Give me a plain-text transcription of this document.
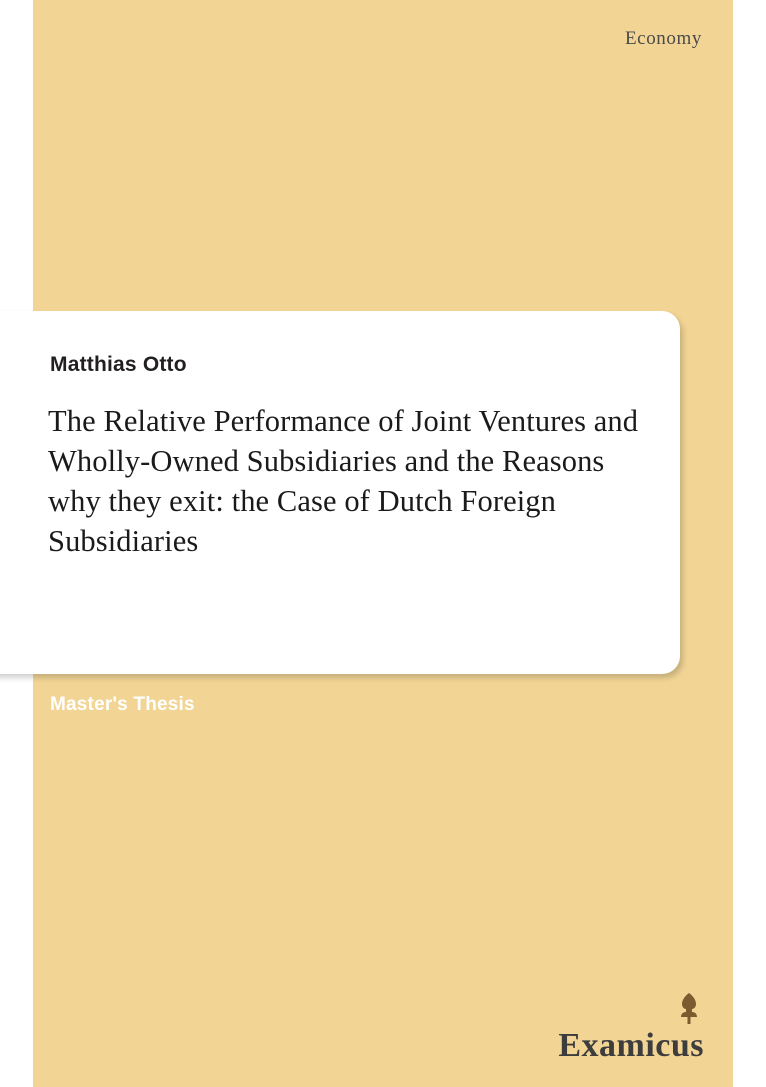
Economy
Matthias Otto
The Relative Performance of Joint Ventures and Wholly-Owned Subsidiaries and the Reasons why they exit: the Case of Dutch Foreign Subsidiaries
Master's Thesis
Examicus
